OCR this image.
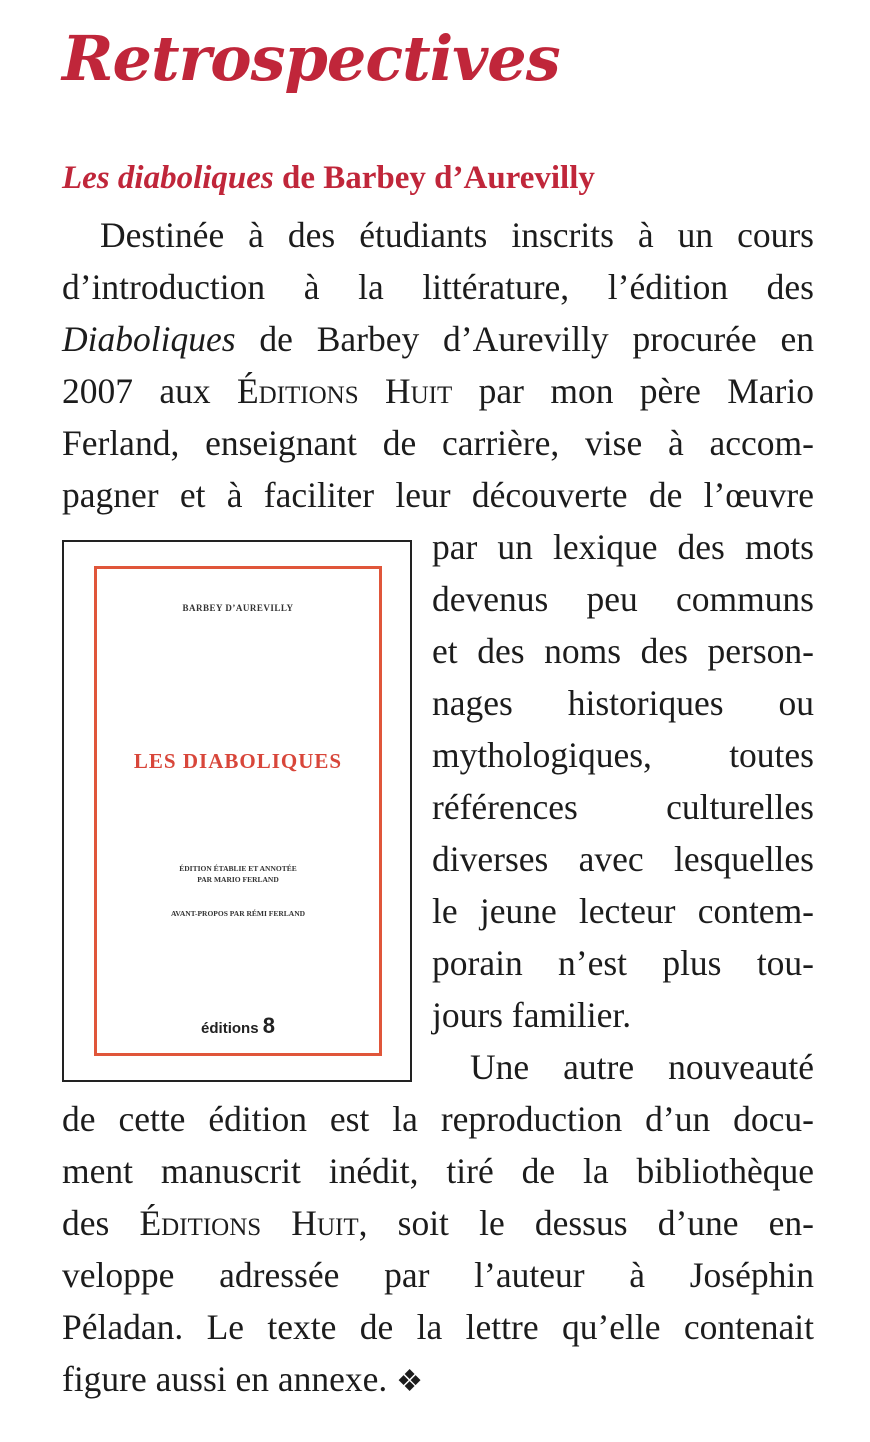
Retrospectives
Les diaboliques de Barbey d’Aurevilly

Destinée à des étudiants inscrits à un cours

d’introduction à la littérature, l’édition des

Diaboliques de Barbey d’Aurevilly procurée en

2007 aux Éditions Huit par mon père Mario

Ferland, enseignant de carrière, vise à accom-

pagner et à faciliter leur découverte de l’œuvre

par un lexique des mots

devenus peu communs

et des noms des person-

nages historiques ou

mythologiques, toutes

références culturelles

diverses avec lesquelles

le jeune lecteur contem-

porain n’est plus tou-

jours familier.

BARBEY D’AUREVILLY
LES DIABOLIQUES
ÉDITION ÉTABLIE ET ANNOTÉE
PAR MARIO FERLAND
AVANT-PROPOS PAR RÉMI FERLAND
éditions 8

Une autre nouveauté

de cette édition est la reproduction d’un docu-

ment manuscrit inédit, tiré de la bibliothèque

des Éditions Huit, soit le dessus d’une en-

veloppe adressée par l’auteur à Joséphin

Péladan. Le texte de la lettre qu’elle contenait

figure aussi en annexe. ❖
